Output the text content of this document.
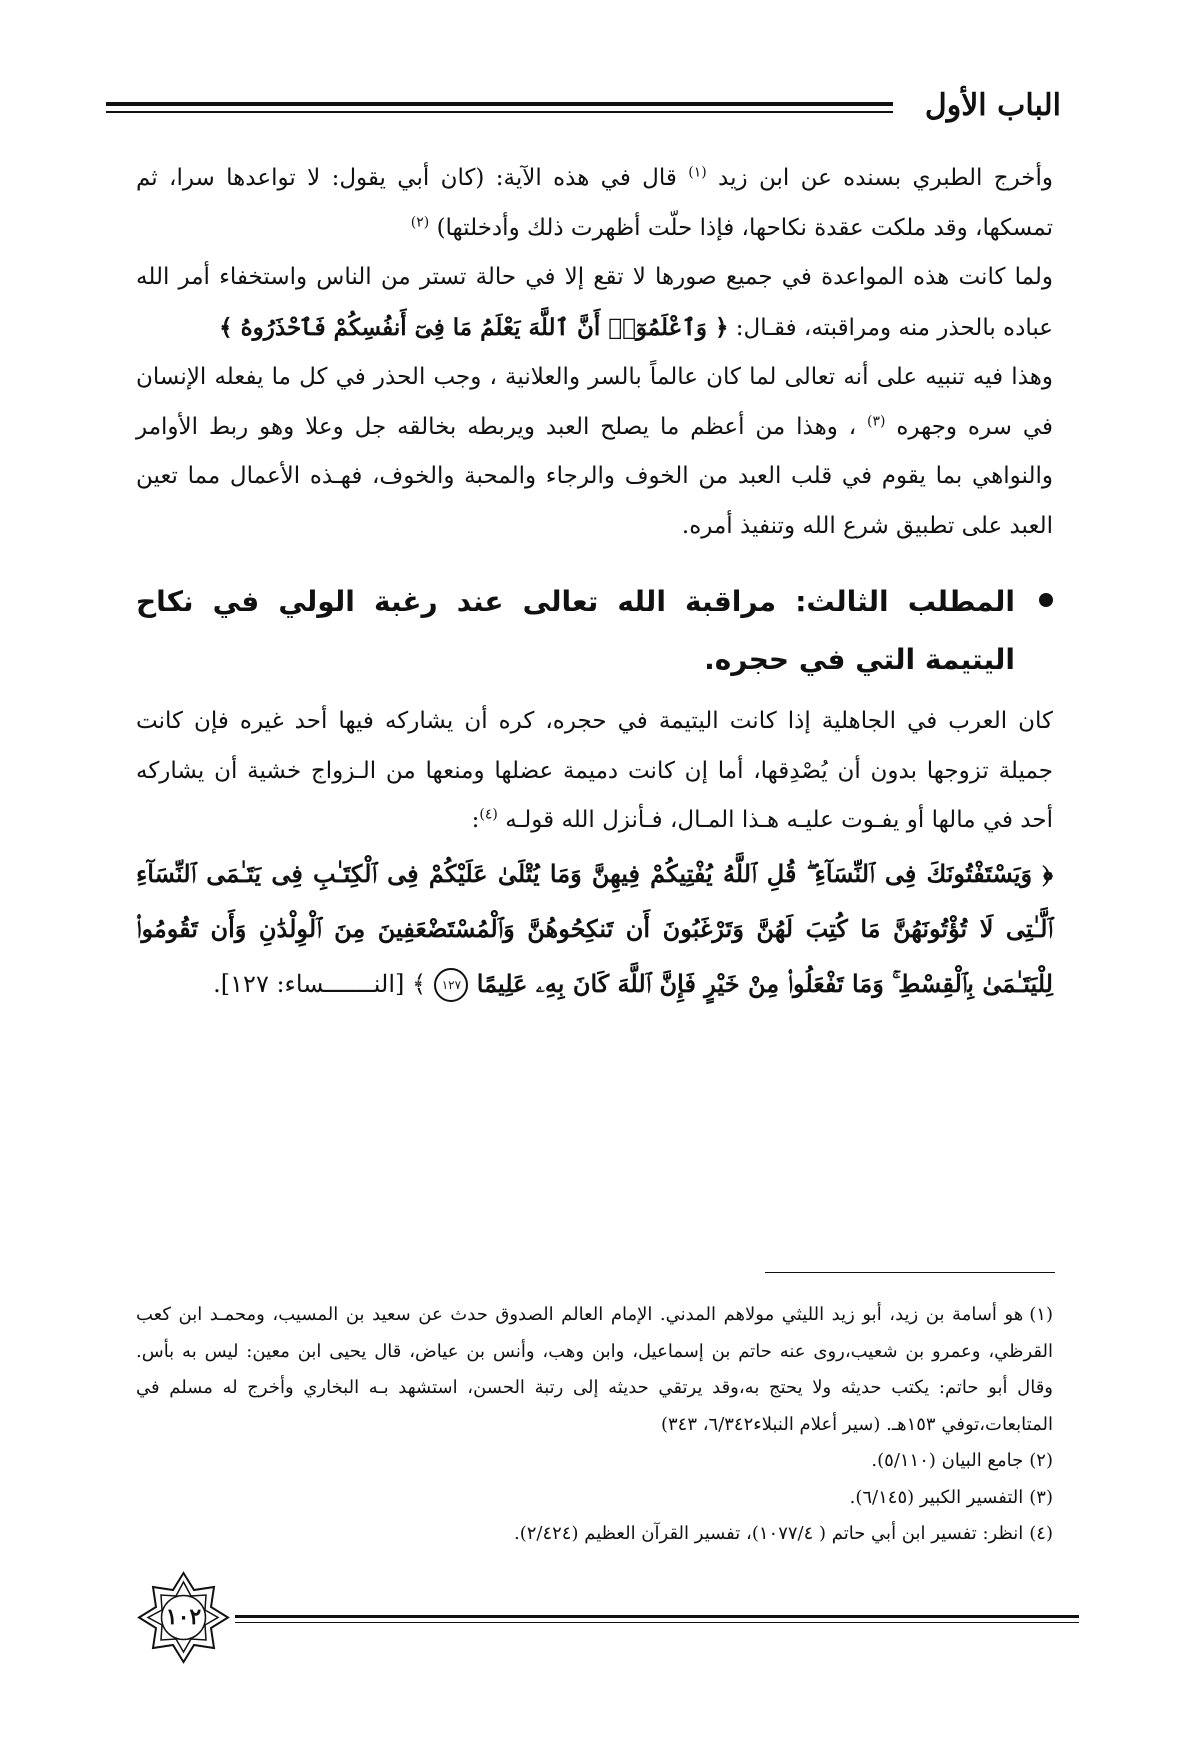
الباب الأول

وأخرج الطبري بسنده عن ابن زيد $^{(١)}$ قال في هذه الآية: (كان أبي يقول: لا تواعدها سرا، ثم تمسكها، وقد ملكت عقدة نكاحها، فإذا حلّت أظهرت ذلك وأدخلتها) $^{(٢)}$

ولما كانت هذه المواعدة في جميع صورها لا تقع إلا في حالة تستر من الناس واستخفاء أمر الله عباده بالحذر منه ومراقبته، فقـال: ﴿ وَٱعْلَمُوٓا۟ أَنَّ ٱللَّهَ يَعْلَمُ مَا فِىٓ أَنفُسِكُمْ فَٱحْذَرُوهُ ﴾

وهذا فيه تنبيه على أنه تعالى لما كان عالماً بالسر والعلانية ، وجب الحذر في كل ما يفعله الإنسان في سره وجهره $^{(٣)}$ ، وهذا من أعظم ما يصلح العبد ويربطه بخالقه جل وعلا وهو ربط الأوامر والنواهي بما يقوم في قلب العبد من الخوف والرجاء والمحبة والخوف، فهـذه الأعمال مما تعين العبد على تطبيق شرع الله وتنفيذ أمره.

المطلب الثالث: مراقبة الله تعالى عند رغبة الولي في نكاح اليتيمة التي في حجره.

كان العرب في الجاهلية إذا كانت اليتيمة في حجره، كره أن يشاركه فيها أحد غيره فإن كانت جميلة تزوجها بدون أن يُصْدِقها، أما إن كانت دميمة عضلها ومنعها من الـزواج خشية أن يشاركه أحد في مالها أو يفـوت عليـه هـذا المـال، فـأنزل الله قولـه $^{(٤)}$:

﴿ وَيَسْتَفْتُونَكَ فِى ٱلنِّسَآءِ ۖ قُلِ ٱللَّهُ يُفْتِيكُمْ فِيهِنَّ وَمَا يُتْلَىٰ عَلَيْكُمْ فِى ٱلْكِتَـٰبِ فِى يَتَـٰمَى ٱلنِّسَآءِ ٱلَّـٰتِى لَا تُؤْتُونَهُنَّ مَا كُتِبَ لَهُنَّ وَتَرْغَبُونَ أَن تَنكِحُوهُنَّ وَٱلْمُسْتَضْعَفِينَ مِنَ ٱلْوِلْدَٰنِ وَأَن تَقُومُوا۟ لِلْيَتَـٰمَىٰ بِٱلْقِسْطِ ۚ وَمَا تَفْعَلُوا۟ مِنْ خَيْرٍ فَإِنَّ ٱللَّهَ كَانَ بِهِۦ عَلِيمًا ١٢٧ ﴾ [النـــــــساء: ١٢٧].

(١)هو أسامة بن زيد، أبو زيد الليثي مولاهم المدني. الإمام العالم الصدوق حدث عن سعيد بن المسيب، ومحمـد ابن كعب القرظي، وعمرو بن شعيب،روى عنه حاتم بن إسماعيل، وابن وهب، وأنس بن عياض، قال يحيى ابن معين: ليس به بأس. وقال أبو حاتم: يكتب حديثه ولا يحتج به،وقد يرتقي حديثه إلى رتبة الحسن، استشهد بـه البخاري وأخرج له مسلم في المتابعات،توفي ١٥٣هـ. (سير أعلام النبلاء٦/٣٤٢، ٣٤٣)

(٢)جامع البيان (٥/١١٠).

(٣)التفسير الكبير (٦/١٤٥).

(٤)انظر: تفسير ابن أبي حاتم ( ١٠٧٧/٤)، تفسير القرآن العظيم (٢/٤٢٤).

١٠٢
